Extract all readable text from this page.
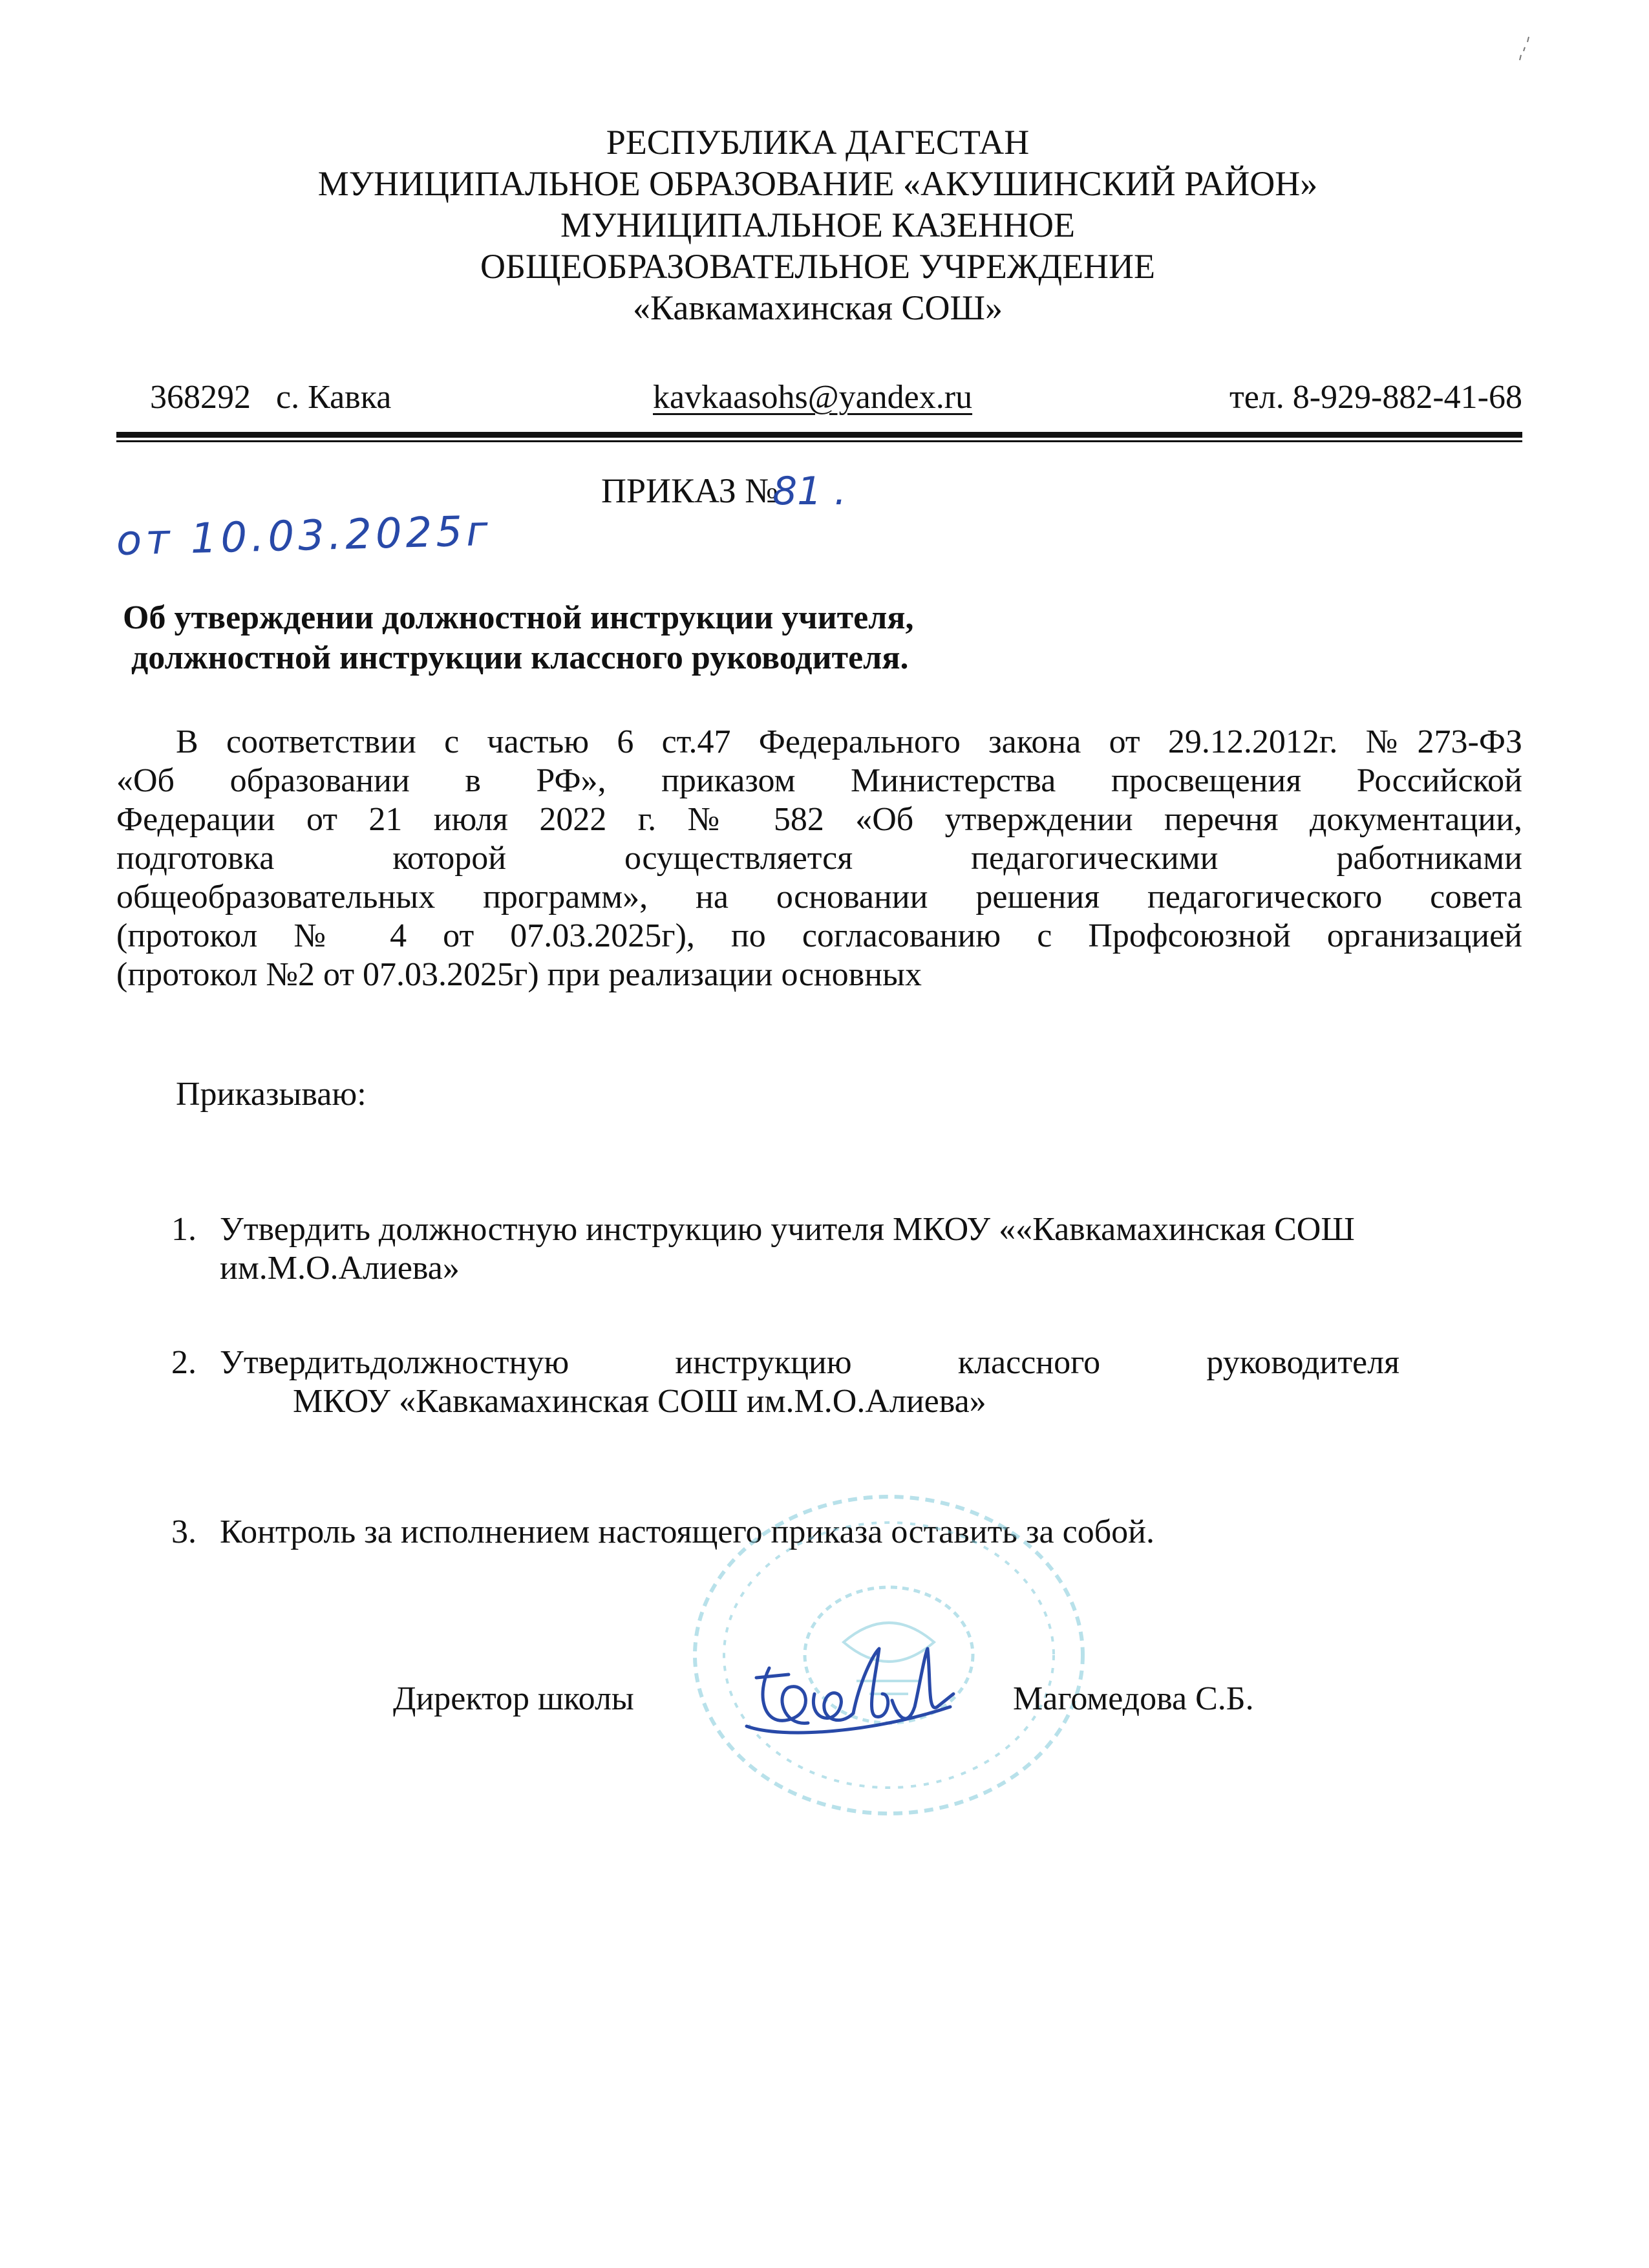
РЕСПУБЛИКА ДАГЕСТАН
МУНИЦИПАЛЬНОЕ ОБРАЗОВАНИЕ «АКУШИНСКИЙ РАЙОН»
МУНИЦИПАЛЬНОЕ КАЗЕННОЕ
ОБЩЕОБРАЗОВАТЕЛЬНОЕ УЧРЕЖДЕНИЕ
«Кавкамахинская СОШ»
368292   с. Кавка	kavkaasohs@yandex.ru	тел. 8-929-882-41-68
ПРИКАЗ №
81 .
от 10.03.2025г
Об утверждении должностной инструкции учителя,
должностной инструкции классного руководителя.
В соответствии с частью 6 ст.47 Федерального закона от 29.12.2012г. №273-ФЗ
«Об образовании в РФ», приказом Министерства просвещения Российской
Федерации от 21 июля 2022 г. № 582 «Об утверждении перечня документации,
подготовка которой осуществляется педагогическими работниками
общеобразовательных программ», на основании решения педагогического совета
(протокол № 4 от 07.03.2025г), по согласованию с Профсоюзной организацией
(протокол №2 от 07.03.2025г) при реализации основных
Приказываю:
1. Утвердить должностную инструкцию учителя МКОУ ««Кавкамахинская СОШ
им.М.О.Алиева»
2. Утвердитьдолжностную	инструкцию	классного	руководителя
МКОУ «Кавкамахинская СОШ им.М.О.Алиева»
3. Контроль за исполнением настоящего приказа оставить за собой.
Директор школы	Магомедова С.Б.
